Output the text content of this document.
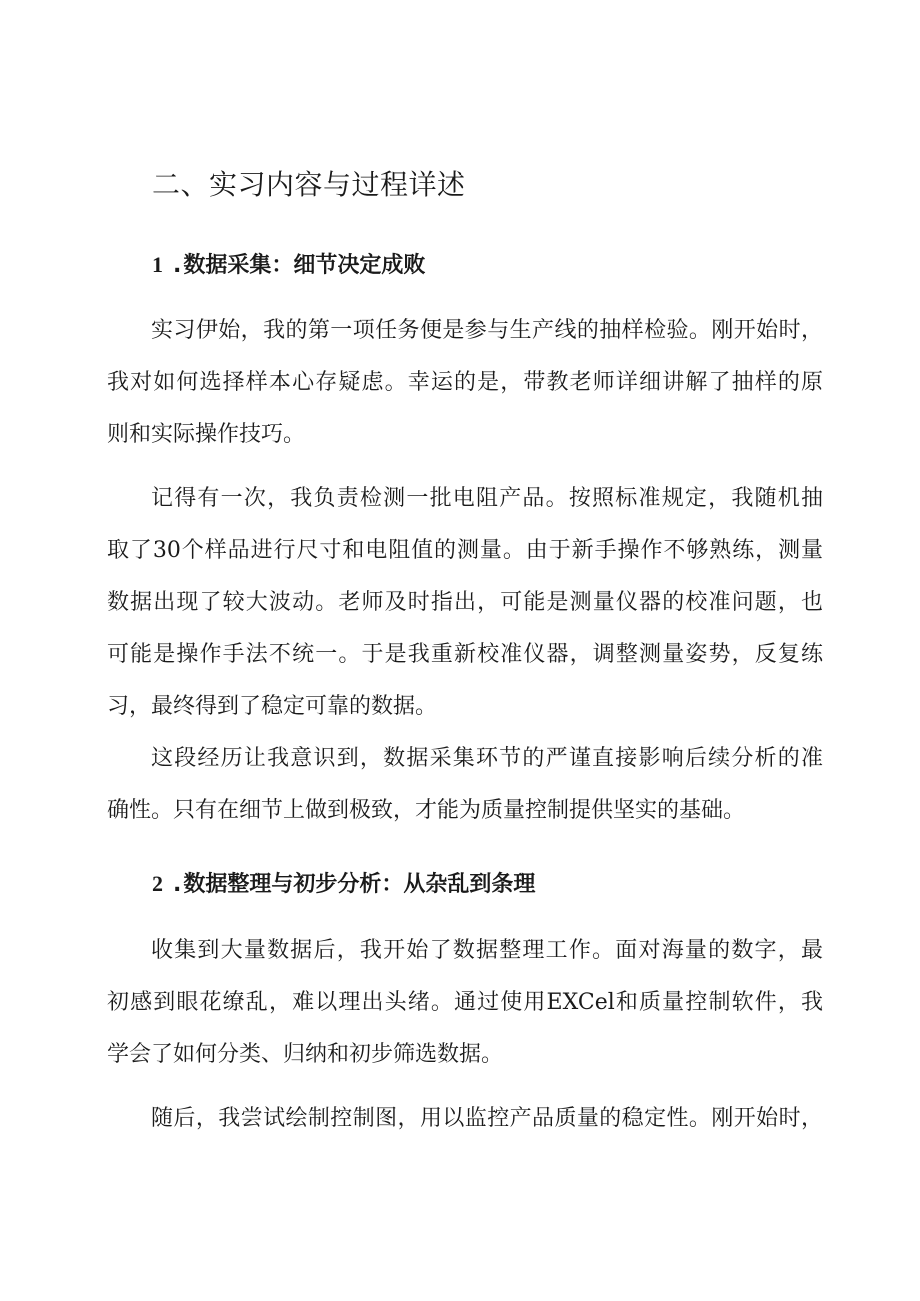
二、实习内容与过程详述
1 .数据采集：细节决定成败
实习伊始，我的第一项任务便是参与生产线的抽样检验。刚开始时，
我对如何选择样本心存疑虑。幸运的是，带教老师详细讲解了抽样的原
则和实际操作技巧。
记得有一次，我负责检测一批电阻产品。按照标准规定，我随机抽
取了30个样品进行尺寸和电阻值的测量。由于新手操作不够熟练，测量
数据出现了较大波动。老师及时指出，可能是测量仪器的校准问题，也
可能是操作手法不统一。于是我重新校准仪器，调整测量姿势，反复练
习，最终得到了稳定可靠的数据。
这段经历让我意识到，数据采集环节的严谨直接影响后续分析的准
确性。只有在细节上做到极致，才能为质量控制提供坚实的基础。
2 .数据整理与初步分析：从杂乱到条理
收集到大量数据后，我开始了数据整理工作。面对海量的数字，最
初感到眼花缭乱，难以理出头绪。通过使用EXCel和质量控制软件，我
学会了如何分类、归纳和初步筛选数据。
随后，我尝试绘制控制图，用以监控产品质量的稳定性。刚开始时，
